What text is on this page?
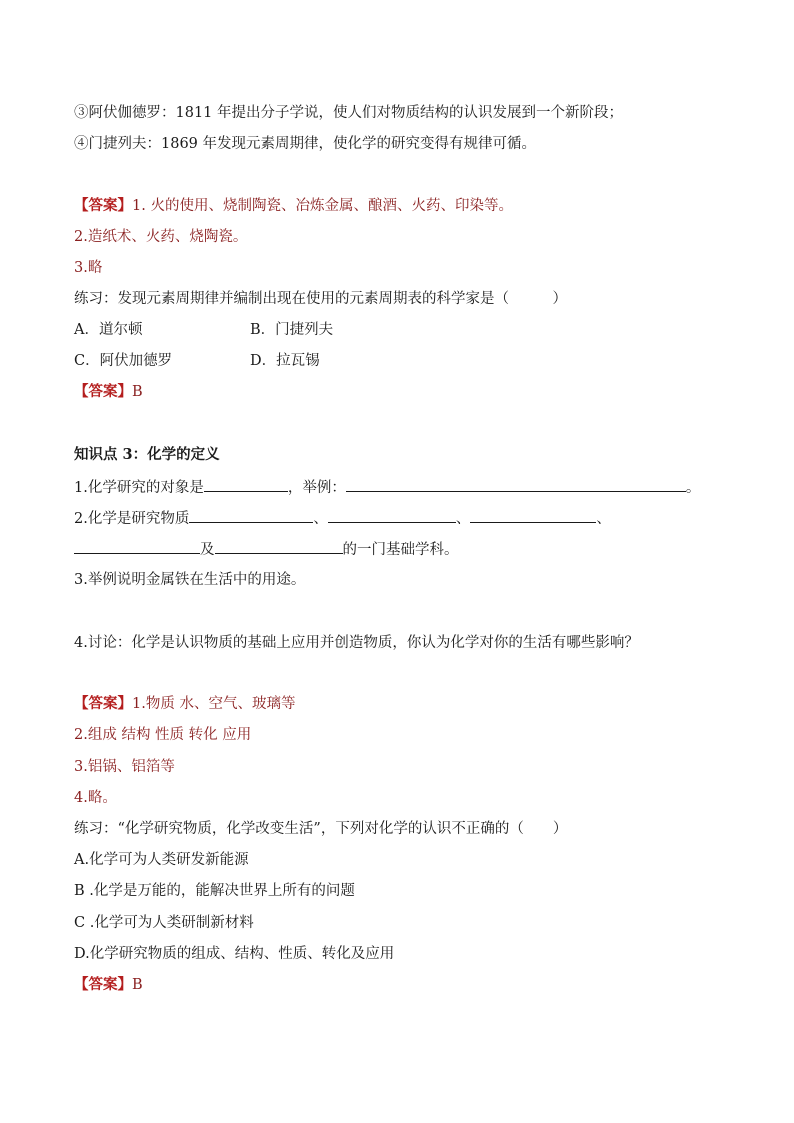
③阿伏伽德罗：1811 年提出分子学说，使人们对物质结构的认识发展到一个新阶段；
④门捷列夫：1869 年发现元素周期律，使化学的研究变得有规律可循。
【答案】1. 火的使用、烧制陶瓷、冶炼金属、酿酒、火药、印染等。
2.造纸术、火药、烧陶瓷。
3.略
练习：发现元素周期律并编制出现在使用的元素周期表的科学家是（　　　）
A．道尔顿	B．门捷列夫
C．阿伏加德罗	D．拉瓦锡
【答案】B
知识点 3：化学的定义
1.化学研究的对象是	，举例：	。
2.化学是研究物质	、	、	、
及	的一门基础学科。
3.举例说明金属铁在生活中的用途。
4.讨论：化学是认识物质的基础上应用并创造物质，你认为化学对你的生活有哪些影响？
【答案】1.物质 水、空气、玻璃等
2.组成 结构 性质 转化 应用
3.铝锅、铝箔等
4.略。
练习：“化学研究物质，化学改变生活”，下列对化学的认识不正确的（　　）
A.化学可为人类研发新能源
B .化学是万能的，能解决世界上所有的问题
C .化学可为人类研制新材料
D.化学研究物质的组成、结构、性质、转化及应用
【答案】B
